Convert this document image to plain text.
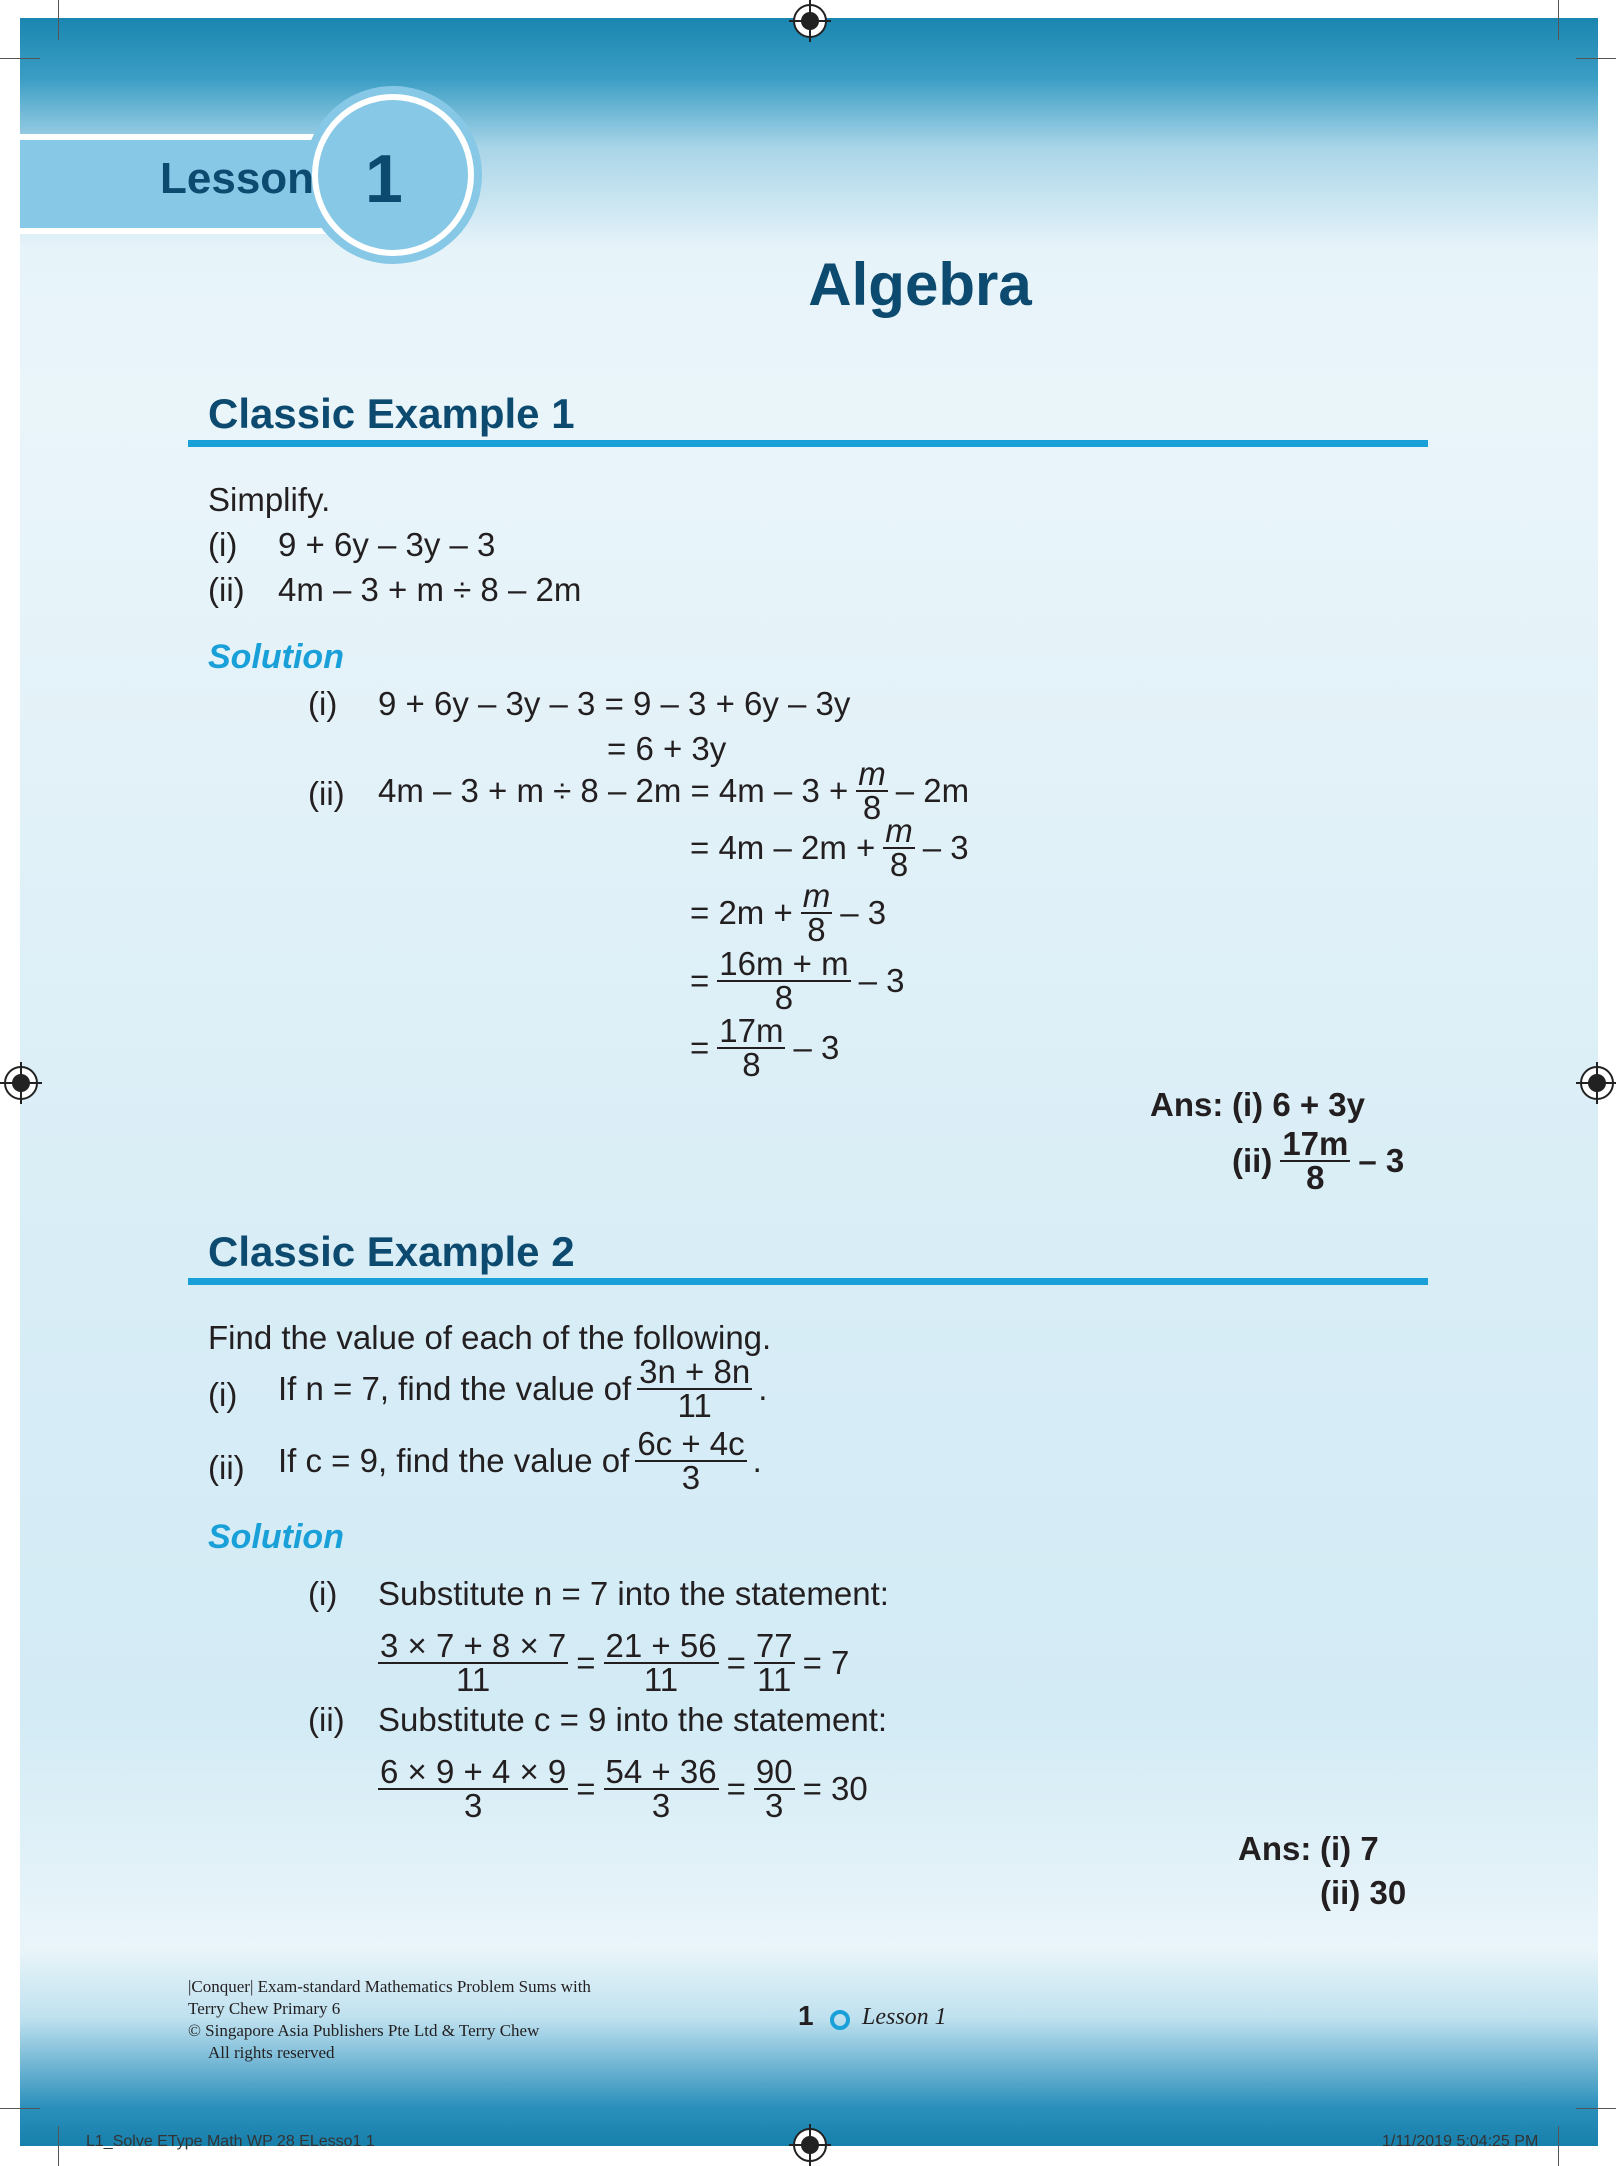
Lesson 1
Algebra
Classic Example 1
Simplify.
(i) 9 + 6y – 3y – 3
(ii) 4m – 3 + m ÷ 8 – 2m
Solution
(i) 9 + 6y – 3y – 3 = 9 – 3 + 6y – 3y
= 6 + 3y
(ii) $4m - 3 + m \div 8 - 2m = 4m - 3 + \frac{m}{8} - 2m$
= $4m - 2m + \frac{m}{8} - 3$
= $2m + \frac{m}{8} - 3$
= $\frac{16m + m}{8} - 3$
= $\frac{17m}{8} - 3$
Ans: (i) 6 + 3y
$(ii) \frac{17m}{8} - 3$
Classic Example 2
Find the value of each of the following.
(i) If n = 7, find the value of $\frac{3n + 8n}{11}$ .
(ii) If c = 9, find the value of $\frac{6c + 4c}{3}$ .
Solution
(i) Substitute n = 7 into the statement:
$\frac{3 \times 7 + 8 \times 7}{11} = \frac{21 + 56}{11} = \frac{77}{11} = 7$
(ii) Substitute c = 9 into the statement:
$\frac{6 \times 9 + 4 \times 9}{3} = \frac{54 + 36}{3} = \frac{90}{3} = 30$
Ans: (i) 7
(ii) 30
|Conquer| Exam-standard Mathematics Problem Sums with
Terry Chew Primary 6
© Singapore Asia Publishers Pte Ltd & Terry Chew
All rights reserved
1 Lesson 1
L1_Solve EType Math WP 28 ELesso1 1	1/11/2019 5:04:25 PM
